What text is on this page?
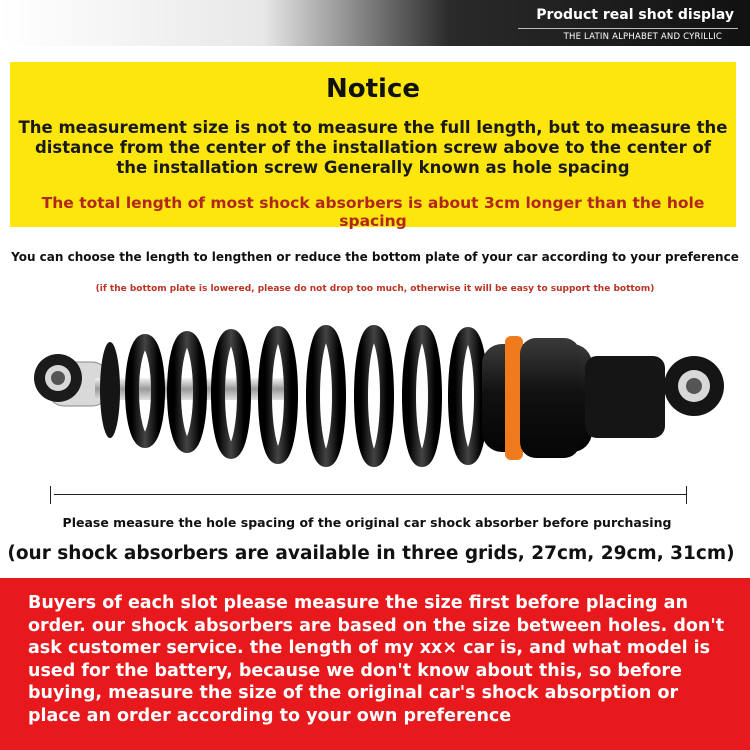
Product real shot display
THE LATIN ALPHABET AND CYRILLIC
Notice
The measurement size is not to measure the full length, but to measure the distance from the center of the installation screw above to the center of the installation screw Generally known as hole spacing
The total length of most shock absorbers is about 3cm longer than the hole spacing
You can choose the length to lengthen or reduce the bottom plate of your car according to your preference
(if the bottom plate is lowered, please do not drop too much, otherwise it will be easy to support the bottom)
Please measure the hole spacing of the original car shock absorber before purchasing
(our shock absorbers are available in three grids, 27cm, 29cm, 31cm)
Buyers of each slot please measure the size first before placing an order. our shock absorbers are based on the size between holes. don't ask customer service. the length of my xx× car is, and what model is used for the battery, because we don't know about this, so before buying, measure the size of the original car's shock absorption or place an order according to your own preference
